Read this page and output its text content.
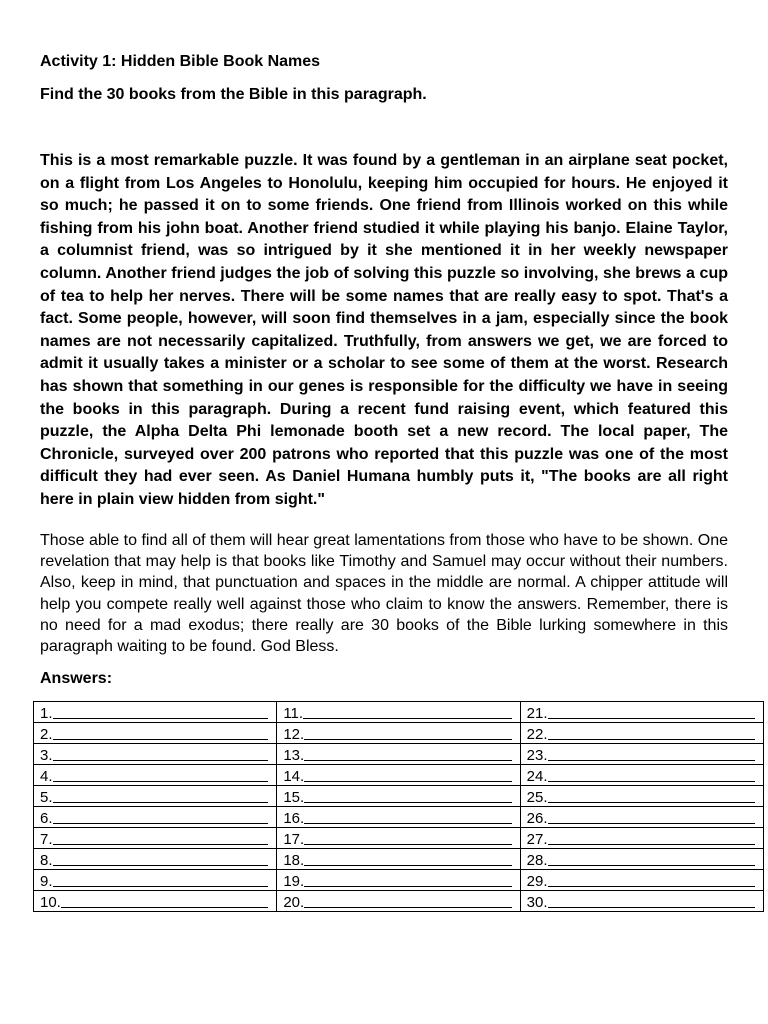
Activity 1: Hidden Bible Book Names
Find the 30 books from the Bible in this paragraph.
This is a most remarkable puzzle. It was found by a gentleman in an airplane seat pocket, on a flight from Los Angeles to Honolulu, keeping him occupied for hours. He enjoyed it so much; he passed it on to some friends. One friend from Illinois worked on this while fishing from his john boat. Another friend studied it while playing his banjo. Elaine Taylor, a columnist friend, was so intrigued by it she mentioned it in her weekly newspaper column. Another friend judges the job of solving this puzzle so involving, she brews a cup of tea to help her nerves. There will be some names that are really easy to spot. That's a fact. Some people, however, will soon find themselves in a jam, especially since the book names are not necessarily capitalized. Truthfully, from answers we get, we are forced to admit it usually takes a minister or a scholar to see some of them at the worst. Research has shown that something in our genes is responsible for the difficulty we have in seeing the books in this paragraph. During a recent fund raising event, which featured this puzzle, the Alpha Delta Phi lemonade booth set a new record. The local paper, The Chronicle, surveyed over 200 patrons who reported that this puzzle was one of the most difficult they had ever seen. As Daniel Humana humbly puts it, "The books are all right here in plain view hidden from sight."
Those able to find all of them will hear great lamentations from those who have to be shown. One revelation that may help is that books like Timothy and Samuel may occur without their numbers. Also, keep in mind, that punctuation and spaces in the middle are normal. A chipper attitude will help you compete really well against those who claim to know the answers. Remember, there is no need for a mad exodus; there really are 30 books of the Bible lurking somewhere in this paragraph waiting to be found. God Bless.
Answers:
1.	11.	21.

2.	12.	22.

3.	13.	23.

4.	14.	24.

5.	15.	25.

6.	16.	26.

7.	17.	27.

8.	18.	28.

9.	19.	29.

10.	20.	30.
